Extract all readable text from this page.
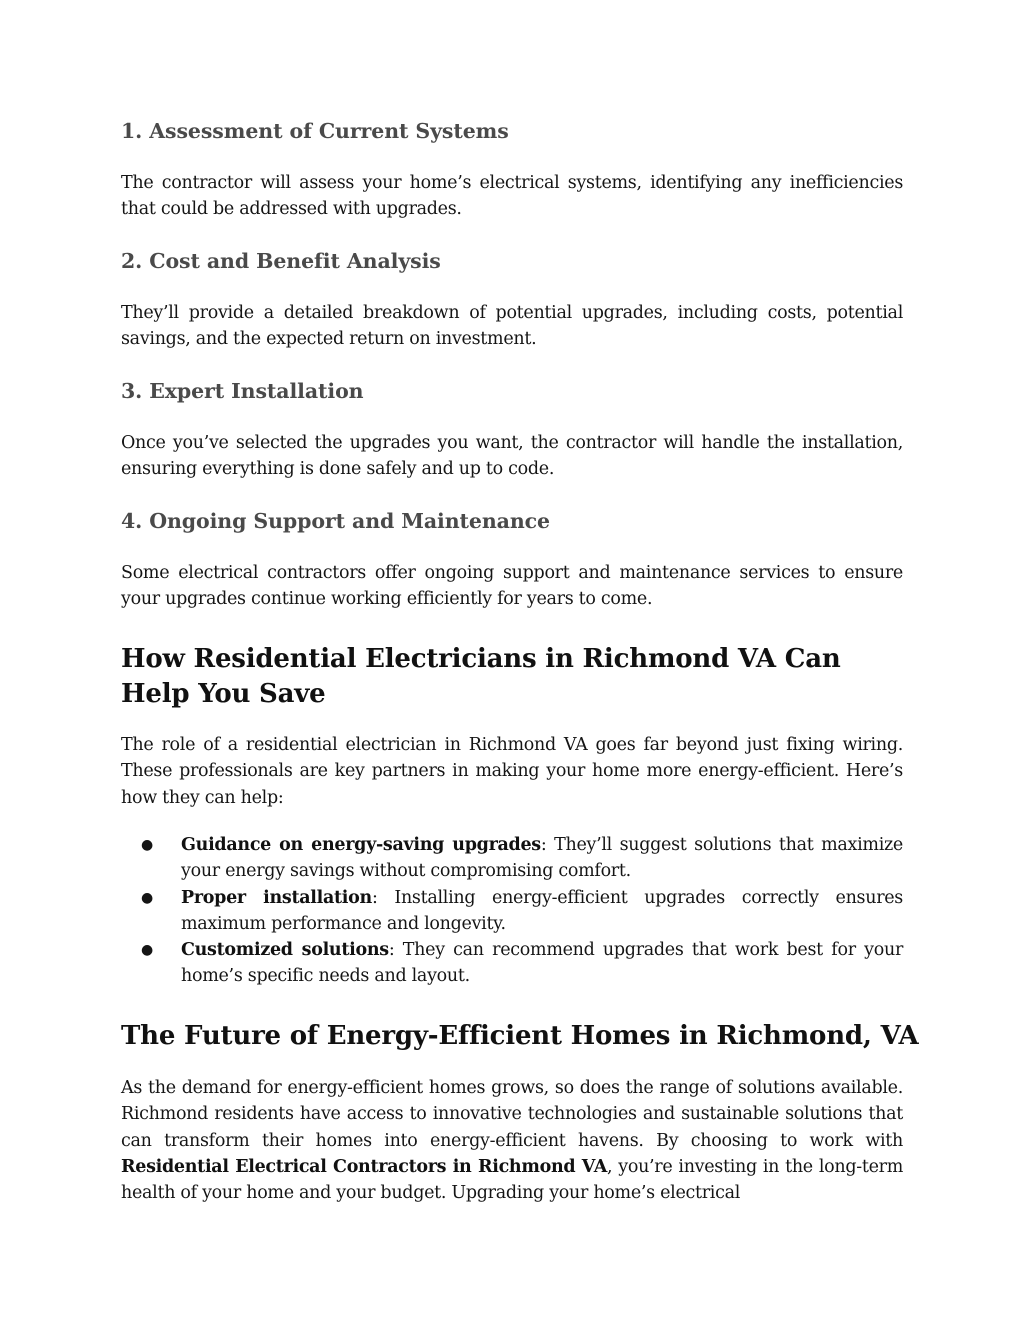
1. Assessment of Current Systems

The contractor will assess your home’s electrical systems, identifying any inefficiencies that could be addressed with upgrades.

2. Cost and Benefit Analysis

They’ll provide a detailed breakdown of potential upgrades, including costs, potential savings, and the expected return on investment.

3. Expert Installation

Once you’ve selected the upgrades you want, the contractor will handle the installation, ensuring everything is done safely and up to code.

4. Ongoing Support and Maintenance

Some electrical contractors offer ongoing support and maintenance services to ensure your upgrades continue working efficiently for years to come.

How Residential Electricians in Richmond VA Can Help You Save

The role of a residential electrician in Richmond VA goes far beyond just fixing wiring. These professionals are key partners in making your home more energy-efficient. Here’s how they can help:

● Guidance on energy-saving upgrades: They’ll suggest solutions that maximize your energy savings without compromising comfort.
● Proper installation: Installing energy-efficient upgrades correctly ensures maximum performance and longevity.
● Customized solutions: They can recommend upgrades that work best for your home’s specific needs and layout.
The Future of Energy-Efficient Homes in Richmond, VA

As the demand for energy-efficient homes grows, so does the range of solutions available. Richmond residents have access to innovative technologies and sustainable solutions that can transform their homes into energy-efficient havens. By choosing to work with Residential Electrical Contractors in Richmond VA, you’re investing in the long-term health of your home and your budget. Upgrading your home’s electrical
